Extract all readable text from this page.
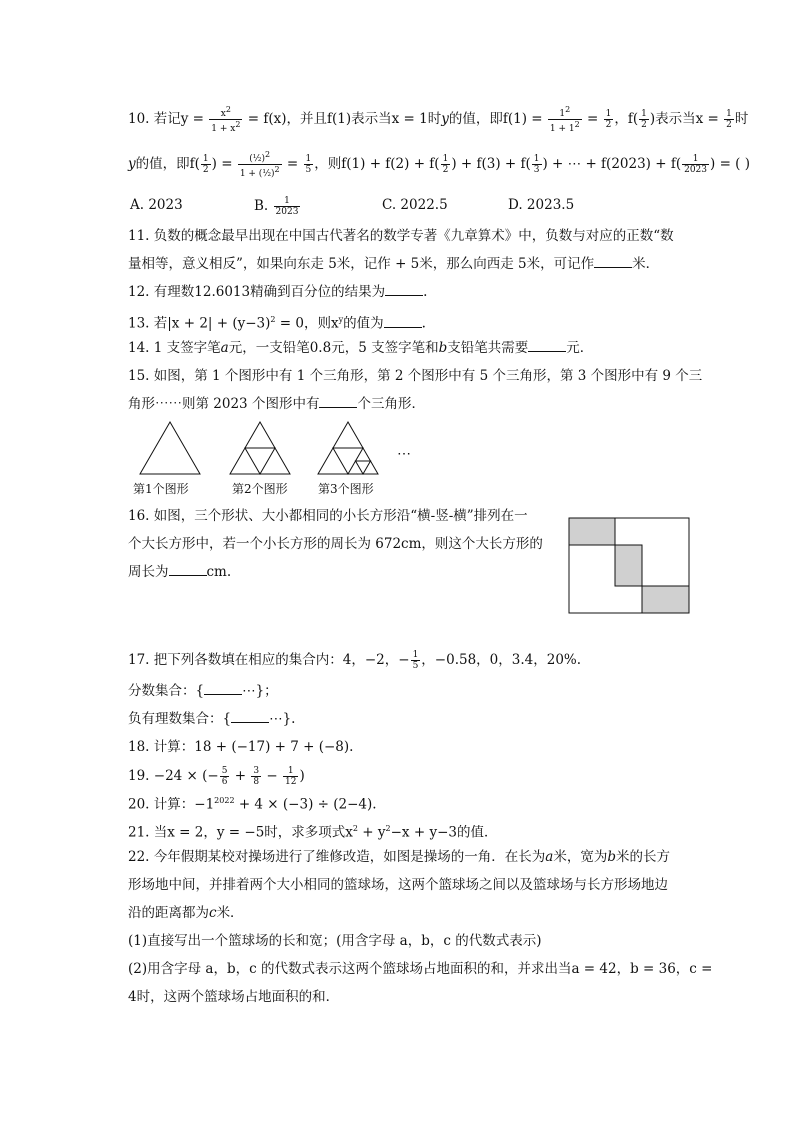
10. 若记$y = \frac{x^2}{1 + x^2} = f(x)$，并且f(1)表示当x = 1时y的值，即$f(1) = \frac{1^2}{1 + 1^2} = \frac{1}{2}$ ，$f( \frac{1}{2}$ )表示当$x = \frac{1}{2}$ 时
y的值，即$f( \frac{1}{2}$ ) = $\frac{(\frac{1}{2})^2}{1 + (\frac{1}{2})^2} = \frac{1}{5}$ ，则$f(1) + f(2) + f( \frac{1}{2}$ ) + $f(3) + f( \frac{1}{3}$ ) + ⋯ + $f(2023) + f( \frac{1}{2023}$ ) = ( )
A. 2023	B. $\frac{1}{2023}$	C. 2022.5	D. 2023.5
11. 负数的概念最早出现在中国古代著名的数学专著《九章算术》中，负数与对应的正数“数
量相等，意义相反”，如果向东走 5米，记作 + 5米，那么向西走 5米，可记作	米．
12. 有理数12.6013精确到百分位的结果为	.
13. 若$|x + 2| + (y-3)^2 = 0$，则$x^y$的值为	.
14. 1 支签字笔a元，一支铅笔0.8元，5 支签字笔和b支铅笔共需要	元．
15. 如图，第 1 个图形中有 1 个三角形，第 2 个图形中有 5 个三角形，第 3 个图形中有 9 个三
角形⋯⋯则第 2023 个图形中有	个三角形．
⋯
第1个图形	第2个图形	第3个图形
16. 如图，三个形状、大小都相同的小长方形沿“横-竖-横”排列在一
个大长方形中，若一个小长方形的周长为 672cm，则这个大长方形的
周长为	cm.
17. 把下列各数填在相应的集合内：4，−2，− $\frac{1}{5}$ ，−0.58，0，3.4，20%.
分数集合：{	⋯}；
负有理数集合：{	⋯}.
18. 计算：18 + (−17) + 7 + (−8).
19. −24 × (− $\frac{5}{6} + \frac{3}{8} - \frac{1}{12}$ )
20. 计算：$-1^{2022} + 4 \times (-3) \div (2-4)$.
21. 当x = 2，y = −5时，求多项式$x^2 + y^2-x + y-3$的值．
22. 今年假期某校对操场进行了维修改造，如图是操场的一角．在长为a米，宽为b米的长方
形场地中间，并排着两个大小相同的篮球场，这两个篮球场之间以及篮球场与长方形场地边
沿的距离都为c米．
(1)直接写出一个篮球场的长和宽；(用含字母 a，b，c 的代数式表示)
(2)用含字母 a，b，c 的代数式表示这两个篮球场占地面积的和，并求出当a = 42，b = 36，c =
4时，这两个篮球场占地面积的和．
